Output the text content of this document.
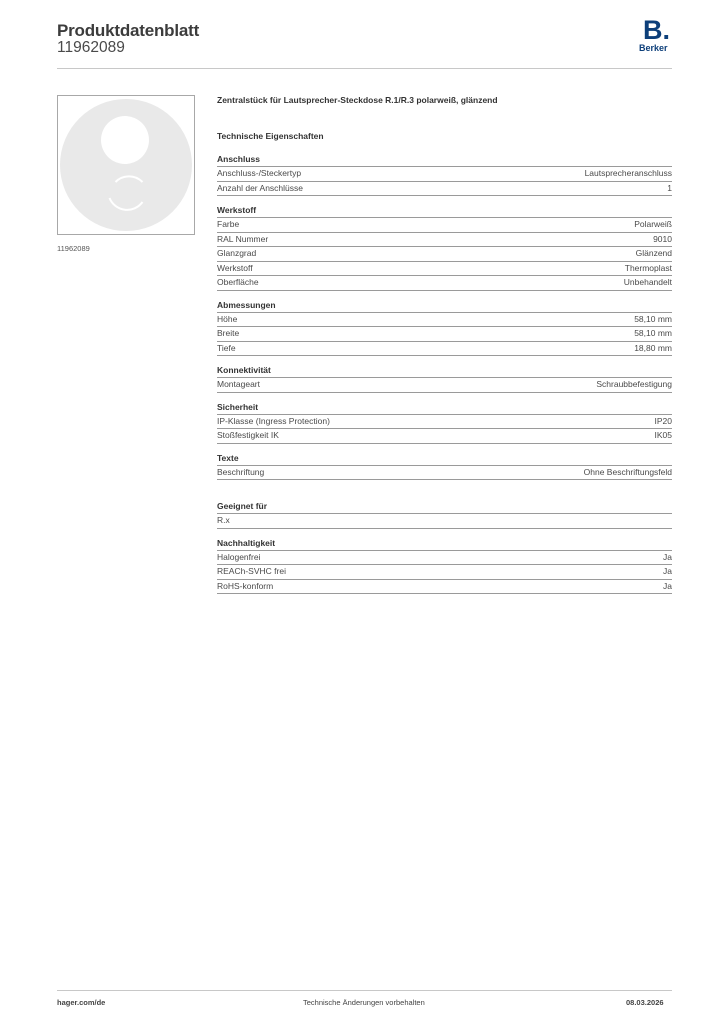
Produktdatenblatt
11962089
B.
Berker
11962089
Zentralstück für Lautsprecher-Steckdose R.1/R.3 polarweiß, glänzend
Technische Eigenschaften
Anschluss
Anschluss-/Steckertyp	Lautsprecheranschluss
Anzahl der Anschlüsse	1
Werkstoff
Farbe	Polarweiß
RAL Nummer	9010
Glanzgrad	Glänzend
Werkstoff	Thermoplast
Oberfläche	Unbehandelt
Abmessungen
Höhe	58,10 mm
Breite	58,10 mm
Tiefe	18,80 mm
Konnektivität
Montageart	Schraubbefestigung
Sicherheit
IP-Klasse (Ingress Protection)	IP20
Stoßfestigkeit IK	IK05
Texte
Beschriftung	Ohne Beschriftungsfeld
Geeignet für
R.x
Nachhaltigkeit
Halogenfrei	Ja
REACh-SVHC frei	Ja
RoHS-konform	Ja
hager.com/de	Technische Änderungen vorbehalten	08.03.2026
